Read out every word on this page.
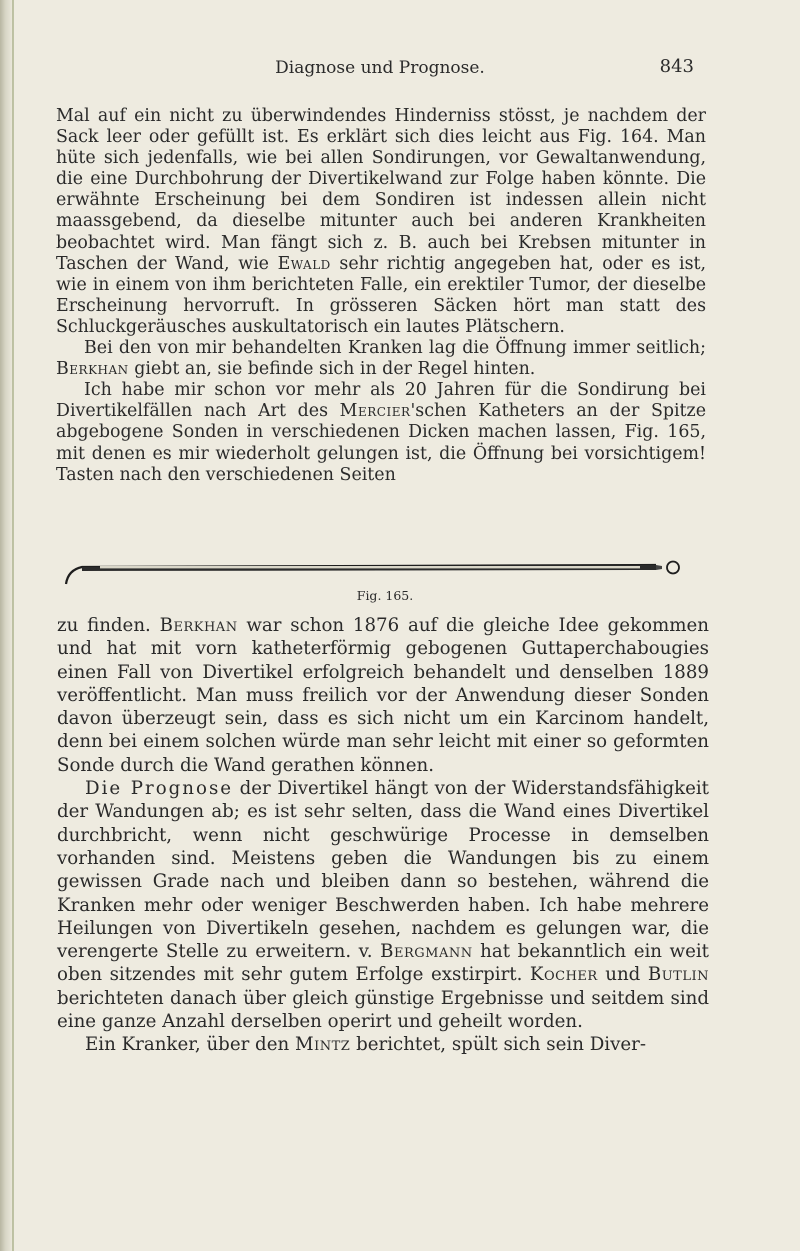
Diagnose und Prognose.	843

Mal auf ein nicht zu überwindendes Hinderniss stösst, je nachdem der Sack leer oder gefüllt ist. Es erklärt sich dies leicht aus Fig. 164. Man hüte sich jedenfalls, wie bei allen Sondirungen, vor Gewaltanwendung, die eine Durchbohrung der Divertikelwand zur Folge haben könnte. Die erwähnte Erscheinung bei dem Sondiren ist indessen allein nicht maassgebend, da dieselbe mitunter auch bei anderen Krankheiten beobachtet wird. Man fängt sich z. B. auch bei Krebsen mitunter in Taschen der Wand, wie Ewald sehr richtig angegeben hat, oder es ist, wie in einem von ihm berichteten Falle, ein erektiler Tumor, der dieselbe Erscheinung hervorruft. In grösseren Säcken hört man statt des Schluckgeräusches auskultatorisch ein lautes Plätschern.

Bei den von mir behandelten Kranken lag die Öffnung immer seitlich; Berkhan giebt an, sie befinde sich in der Regel hinten.

Ich habe mir schon vor mehr als 20 Jahren für die Sondirung bei Divertikelfällen nach Art des Mercier'schen Katheters an der Spitze abgebogene Sonden in verschiedenen Dicken machen lassen, Fig. 165, mit denen es mir wiederholt gelungen ist, die Öffnung bei vorsichtigem! Tasten nach den verschiedenen Seiten

Fig. 165.

zu finden. Berkhan war schon 1876 auf die gleiche Idee gekommen und hat mit vorn katheterförmig gebogenen Guttaperchabougies einen Fall von Divertikel erfolgreich behandelt und denselben 1889 veröffentlicht. Man muss freilich vor der Anwendung dieser Sonden davon überzeugt sein, dass es sich nicht um ein Karcinom handelt, denn bei einem solchen würde man sehr leicht mit einer so geformten Sonde durch die Wand gerathen können.

Die Prognose der Divertikel hängt von der Widerstandsfähigkeit der Wandungen ab; es ist sehr selten, dass die Wand eines Divertikel durchbricht, wenn nicht geschwürige Processe in demselben vorhanden sind. Meistens geben die Wandungen bis zu einem gewissen Grade nach und bleiben dann so bestehen, während die Kranken mehr oder weniger Beschwerden haben. Ich habe mehrere Heilungen von Divertikeln gesehen, nachdem es gelungen war, die verengerte Stelle zu erweitern. v. Bergmann hat bekanntlich ein weit oben sitzendes mit sehr gutem Erfolge exstirpirt. Kocher und Butlin berichteten danach über gleich günstige Ergebnisse und seitdem sind eine ganze Anzahl derselben operirt und geheilt worden.

Ein Kranker, über den Mintz berichtet, spült sich sein Diver-
